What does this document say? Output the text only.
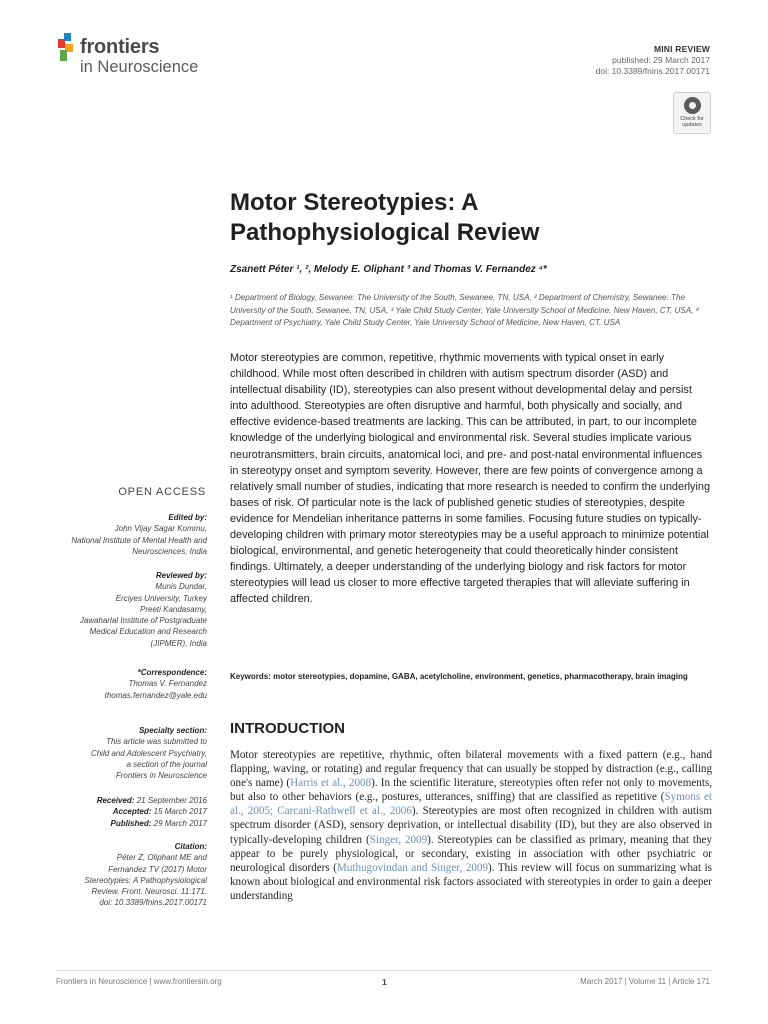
frontiers
in Neuroscience
MINI REVIEW
published: 29 March 2017
doi: 10.3389/fnins.2017.00171
Check for updates
Motor Stereotypies: A
Pathophysiological Review
Zsanett Péter ¹, ², Melody E. Oliphant ³ and Thomas V. Fernandez ⁴*
¹ Department of Biology, Sewanee: The University of the South, Sewanee, TN, USA, ² Department of Chemistry, Sewanee: The University of the South, Sewanee, TN, USA, ³ Yale Child Study Center, Yale University School of Medicine, New Haven, CT, USA, ⁴ Department of Psychiatry, Yale Child Study Center, Yale University School of Medicine, New Haven, CT, USA
Motor stereotypies are common, repetitive, rhythmic movements with typical onset in early childhood. While most often described in children with autism spectrum disorder (ASD) and intellectual disability (ID), stereotypies can also present without developmental delay and persist into adulthood. Stereotypies are often disruptive and harmful, both physically and socially, and effective evidence-based treatments are lacking. This can be attributed, in part, to our incomplete knowledge of the underlying biological and environmental risk. Several studies implicate various neurotransmitters, brain circuits, anatomical loci, and pre- and post-natal environmental influences in stereotypy onset and symptom severity. However, there are few points of convergence among a relatively small number of studies, indicating that more research is needed to confirm the underlying bases of risk. Of particular note is the lack of published genetic studies of stereotypies, despite evidence for Mendelian inheritance patterns in some families. Focusing future studies on typically-developing children with primary motor stereotypies may be a useful approach to minimize potential biological, environmental, and genetic heterogeneity that could theoretically hinder consistent findings. Ultimately, a deeper understanding of the underlying biology and risk factors for motor stereotypies will lead us closer to more effective targeted therapies that will alleviate suffering in affected children.
Keywords: motor stereotypies, dopamine, GABA, acetylcholine, environment, genetics, pharmacotherapy, brain imaging
INTRODUCTION
Motor stereotypies are repetitive, rhythmic, often bilateral movements with a fixed pattern (e.g., hand flapping, waving, or rotating) and regular frequency that can usually be stopped by distraction (e.g., calling one's name) (Harris et al., 2008). In the scientific literature, stereotypies often refer not only to movements, but also to other behaviors (e.g., postures, utterances, sniffing) that are classified as repetitive (Symons et al., 2005; Carcani-Rathwell et al., 2006). Stereotypies are most often recognized in children with autism spectrum disorder (ASD), sensory deprivation, or intellectual disability (ID), but they are also observed in typically-developing children (Singer, 2009). Stereotypies can be classified as primary, meaning that they appear to be purely physiological, or secondary, existing in association with other psychiatric or neurological disorders (Muthugovindan and Singer, 2009). This review will focus on summarizing what is known about biological and environmental risk factors associated with stereotypies in order to gain a deeper understanding
OPEN ACCESS
Edited by:
John Vijay Sagar Kommu,
National Institute of Mental Health and
Neurosciences, India
Reviewed by:
Munis Dundar,
Erciyes University, Turkey
Preeti Kandasamy,
Jawaharlal Institute of Postgraduate
Medical Education and Research
(JIPMER), India
*Correspondence:
Thomas V. Fernandez
thomas.fernandez@yale.edu
Specialty section:
This article was submitted to
Child and Adolescent Psychiatry,
a section of the journal
Frontiers in Neuroscience
Received: 21 September 2016
Accepted: 15 March 2017
Published: 29 March 2017
Citation:
Péter Z, Oliphant ME and
Fernandez TV (2017) Motor
Stereotypies: A Pathophysiological
Review. Front. Neurosci. 11:171.
doi: 10.3389/fnins.2017.00171
Frontiers in Neuroscience | www.frontiersin.org	1	March 2017 | Volume 11 | Article 171
